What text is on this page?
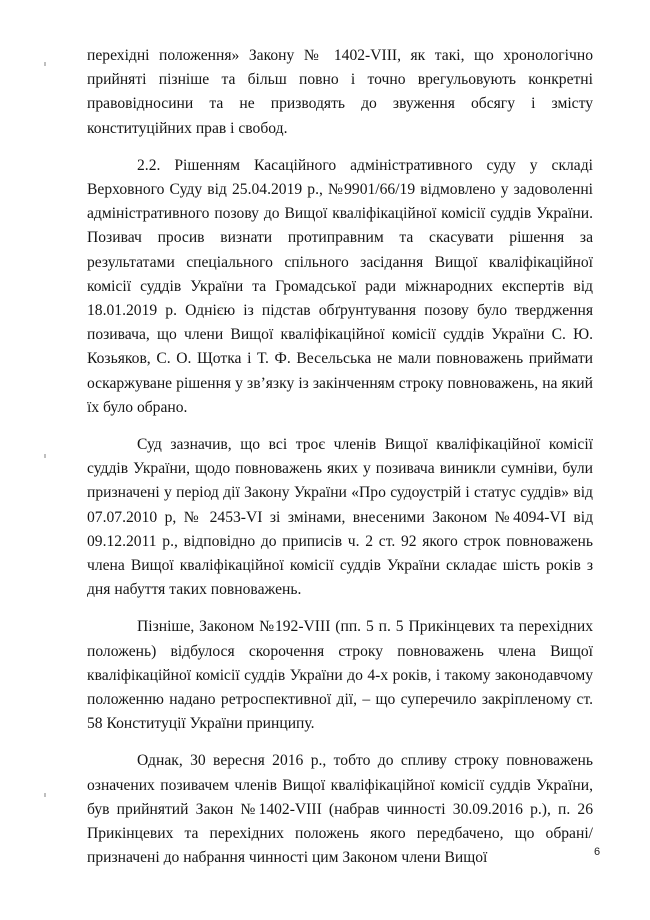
перехідні положення» Закону № 1402-VIII, як такі, що хронологічно прийняті пізніше та більш повно і точно врегульовують конкретні правовідносини та не призводять до звуження обсягу і змісту конституційних прав і свобод.

2.2. Рішенням Касаційного адміністративного суду у складі Верховного Суду від 25.04.2019 р., №9901/66/19 відмовлено у задоволенні адміністративного позову до Вищої кваліфікаційної комісії суддів України. Позивач просив визнати протиправним та скасувати рішення за результатами спеціального спільного засідання Вищої кваліфікаційної комісії суддів України та Громадської ради міжнародних експертів від 18.01.2019 р. Однією із підстав обґрунтування позову було твердження позивача, що члени Вищої кваліфікаційної комісії суддів України С. Ю. Козьяков, С. О. Щотка і Т. Ф. Весельська не мали повноважень приймати оскаржуване рішення у зв’язку із закінченням строку повноважень, на який їх було обрано.

Суд зазначив, що всі троє членів Вищої кваліфікаційної комісії суддів України, щодо повноважень яких у позивача виникли сумніви, були призначені у період дії Закону України «Про судоустрій і статус суддів» від 07.07.2010 р, № 2453-VI зі змінами, внесеними Законом №4094-VI від 09.12.2011 р., відповідно до приписів ч. 2 ст. 92 якого строк повноважень члена Вищої кваліфікаційної комісії суддів України складає шість років з дня набуття таких повноважень.

Пізніше, Законом №192-VIII (пп. 5 п. 5 Прикінцевих та перехідних положень) відбулося скорочення строку повноважень члена Вищої кваліфікаційної комісії суддів України до 4-х років, і такому законодавчому положенню надано ретроспективної дії, – що суперечило закріпленому ст. 58 Конституції України принципу.

Однак, 30 вересня 2016 р., тобто до спливу строку повноважень означених позивачем членів Вищої кваліфікаційної комісії суддів України, був прийнятий Закон №1402-VIII (набрав чинності 30.09.2016 р.), п. 26 Прикінцевих та перехідних положень якого передбачено, що обрані/призначені до набрання чинності цим Законом члени Вищої	6
